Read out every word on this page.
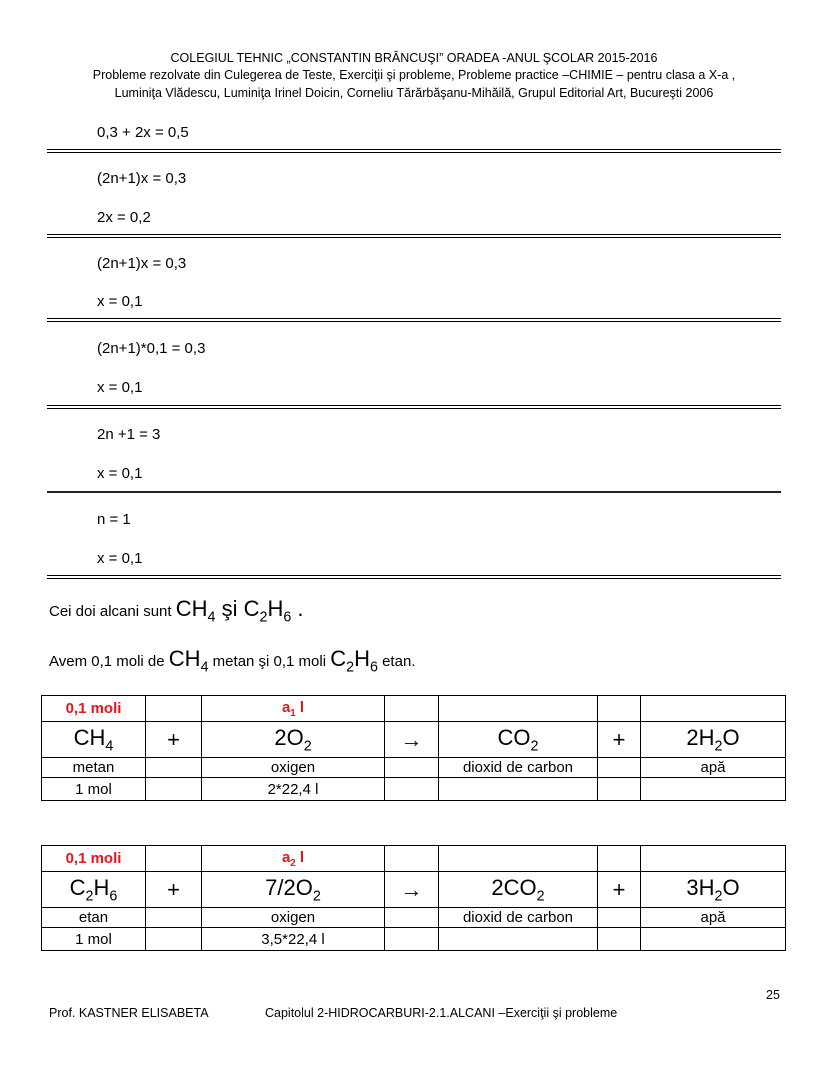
COLEGIUL TEHNIC „CONSTANTIN BRÂNCUŞI” ORADEA -ANUL ŞCOLAR 2015-2016
Probleme rezolvate din Culegerea de Teste, Exerciţii şi probleme, Probleme practice –CHIMIE – pentru clasa a X-a ,
Luminiţa Vlădescu, Luminiţa Irinel Doicin, Corneliu Tărărbăşanu-Mihăilă, Grupul Editorial Art, Bucureşti 2006
0,3 + 2x = 0,5
(2n+1)x = 0,3
2x = 0,2
(2n+1)x = 0,3
x = 0,1
(2n+1)*0,1 = 0,3
x = 0,1
2n +1 = 3
x = 0,1
n = 1
x = 0,1
Cei doi alcani sunt $CH_4$ şi $C_2H_6$ .
Avem 0,1 moli de $CH_4$ metan şi 0,1 moli $C_2H_6$ etan.
0,1 moli		$a_1$ l				
$CH_4$	+	$2O_2$	→	$CO_2$	+	$2H_2O$
metan		oxigen		dioxid de carbon		apă
1 mol		2*22,4 l				
0,1 moli		$a_2$ l				
$C_2H_6$	+	$7/2O_2$	→	$2CO_2$	+	$3H_2O$
etan		oxigen		dioxid de carbon		apă
1 mol		3,5*22,4 l				
25
Prof. KASTNER ELISABETA	Capitolul 2-HIDROCARBURI-2.1.ALCANI –Exerciţii şi probleme
